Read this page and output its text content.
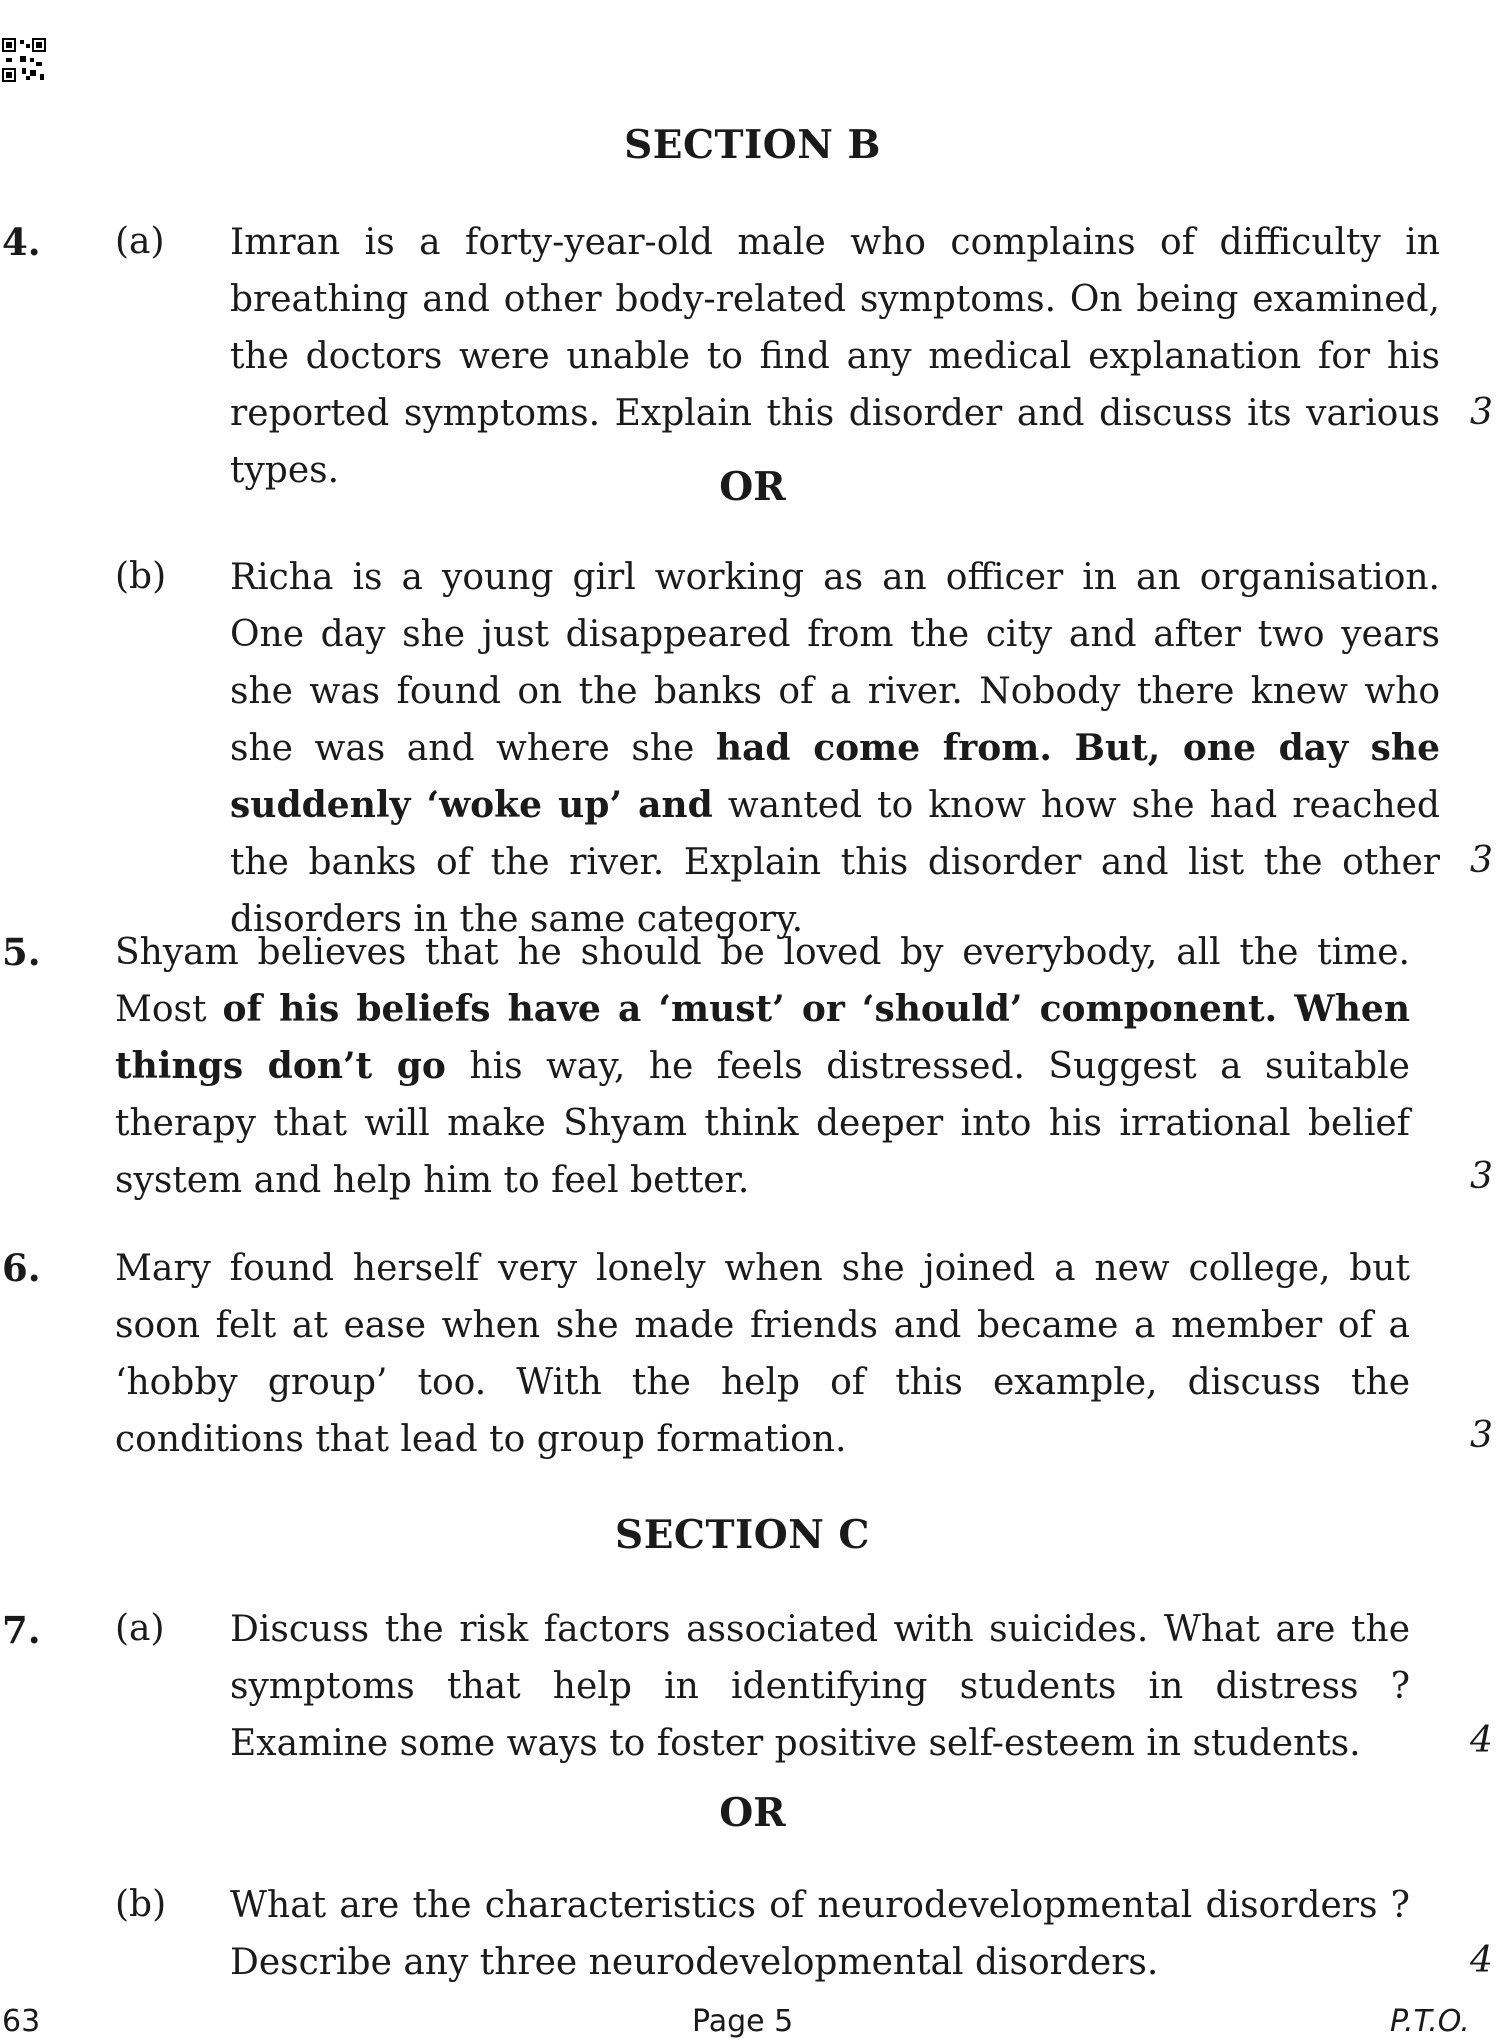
SECTION B
4. (a) Imran is a forty-year-old male who complains of difficulty in breathing and other body-related symptoms. On being examined, the doctors were unable to find any medical explanation for his reported symptoms. Explain this disorder and discuss its various types.
3
OR
(b) Richa is a young girl working as an officer in an organisation. One day she just disappeared from the city and after two years she was found on the banks of a river. Nobody there knew who she was and where she had come from. But, one day she suddenly ‘woke up’ and wanted to know how she had reached the banks of the river. Explain this disorder and list the other disorders in the same category.
3
5. Shyam believes that he should be loved by everybody, all the time. Most of his beliefs have a ‘must’ or ‘should’ component. When things don’t go his way, he feels distressed. Suggest a suitable therapy that will make Shyam think deeper into his irrational belief system and help him to feel better.	3
6. Mary found herself very lonely when she joined a new college, but soon felt at ease when she made friends and became a member of a ‘hobby group’ too. With the help of this example, discuss the conditions that lead to group formation.	3
SECTION C
7. (a) Discuss the risk factors associated with suicides. What are the symptoms that help in identifying students in distress ? Examine some ways to foster positive self-esteem in students.	4
OR
(b) What are the characteristics of neurodevelopmental disorders ? Describe any three neurodevelopmental disorders.	4
63	Page 5	P.T.O.
